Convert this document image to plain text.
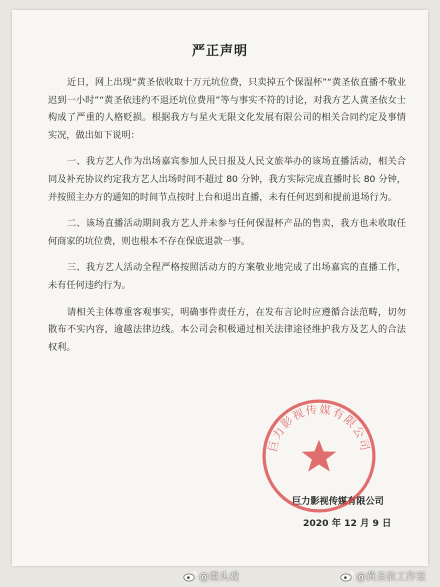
严正声明

近日，网上出现“黄圣依收取十万元坑位费，只卖掉五个保湿杯”“黄圣依直播不敬业迟到一小时”“黄圣依违约不退还坑位费用”等与事实不符的讨论，对我方艺人黄圣依女士构成了严重的人格贬损。根据我方与星火无限文化发展有限公司的相关合同约定及事情实况，做出如下说明：

一、我方艺人作为出场嘉宾参加人民日报及人民文旅举办的该场直播活动，相关合同及补充协议约定我方艺人出场时间不超过 80 分钟，我方实际完成直播时长 80 分钟，并按照主办方的通知的时间节点按时上台和退出直播，未有任何迟到和提前退场行为。

二、该场直播活动期间我方艺人并未参与任何保湿杯产品的售卖，我方也未收取任何商家的坑位费，则也根本不存在保底退款一事。

三、我方艺人活动全程严格按照活动方的方案敬业地完成了出场嘉宾的直播工作，未有任何违约行为。

请相关主体尊重客观事实，明确事件责任方，在发布言论时应遵循合法范畴，切勿散布不实内容，逾越法律边线。本公司会积极通过相关法律途径维护我方及艺人的合法权利。

巨力影视传媒有限公司
2020 年 12 月 9 日
巨力影视传媒有限公司
@重头戏	@黄圣依工作室
